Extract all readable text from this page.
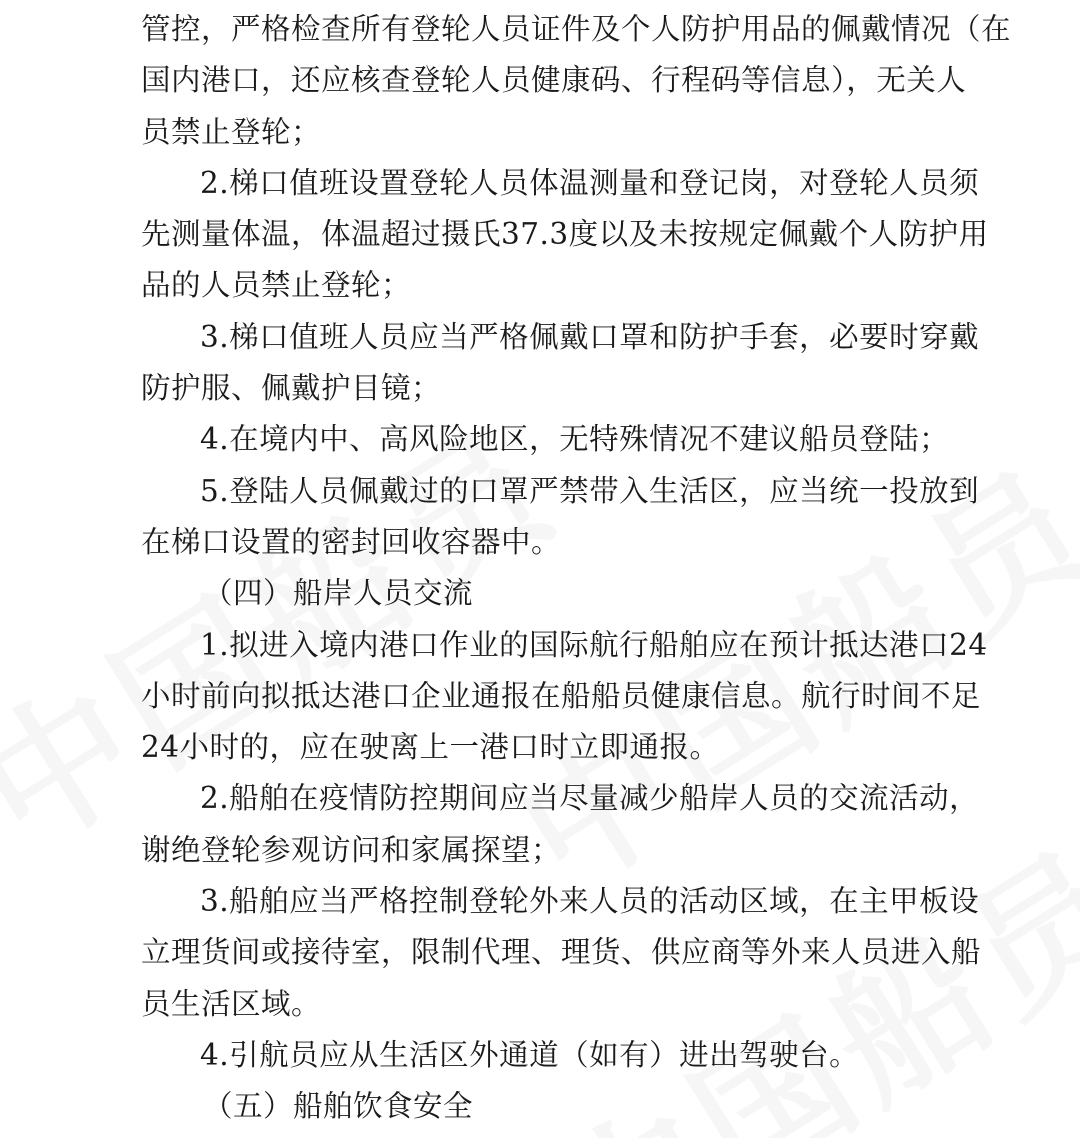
管控，严格检查所有登轮人员证件及个人防护用品的佩戴情况（在
国内港口，还应核查登轮人员健康码、行程码等信息），无关人
员禁止登轮；
2.梯口值班设置登轮人员体温测量和登记岗，对登轮人员须
先测量体温，体温超过摄氏37.3度以及未按规定佩戴个人防护用
品的人员禁止登轮；
3.梯口值班人员应当严格佩戴口罩和防护手套，必要时穿戴
防护服、佩戴护目镜；
4.在境内中、高风险地区，无特殊情况不建议船员登陆；
5.登陆人员佩戴过的口罩严禁带入生活区，应当统一投放到
在梯口设置的密封回收容器中。
（四）船岸人员交流
1.拟进入境内港口作业的国际航行船舶应在预计抵达港口24
小时前向拟抵达港口企业通报在船船员健康信息。航行时间不足
24小时的，应在驶离上一港口时立即通报。
2.船舶在疫情防控期间应当尽量减少船岸人员的交流活动，
谢绝登轮参观访问和家属探望；
3.船舶应当严格控制登轮外来人员的活动区域，在主甲板设
立理货间或接待室，限制代理、理货、供应商等外来人员进入船
员生活区域。
4.引航员应从生活区外通道（如有）进出驾驶台。
（五）船舶饮食安全
